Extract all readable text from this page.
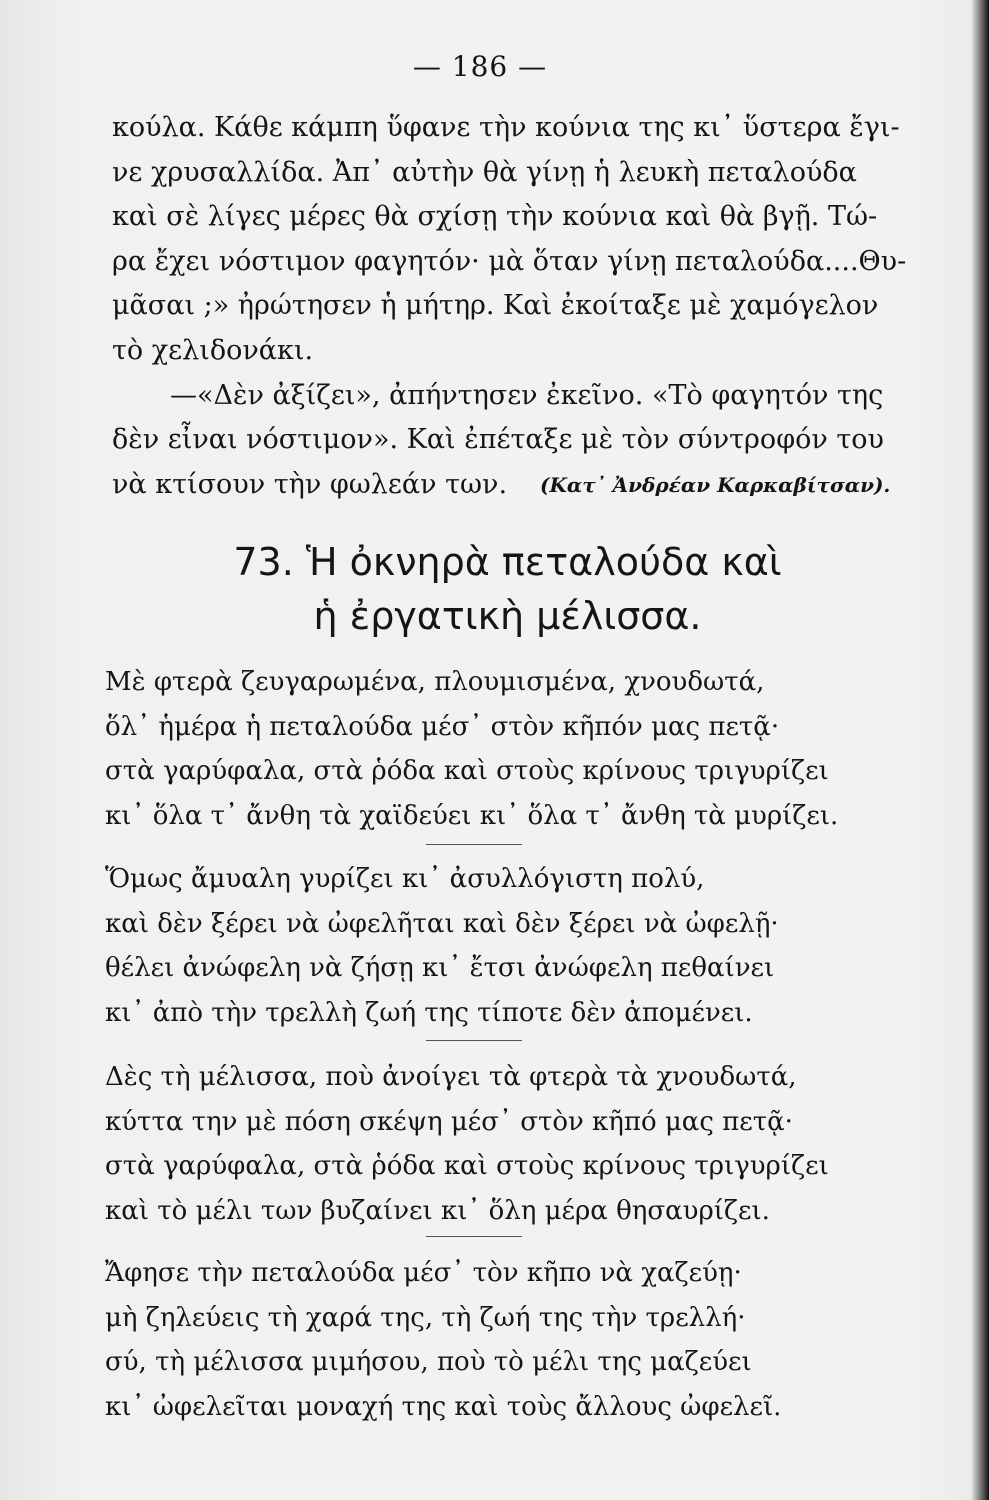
— 186 —
κούλα. Κάθε κάμπη ὕφανε τὴν κούνια της κι᾿ ὕστερα ἔγι-
νε χρυσαλλίδα. Ἀπ᾿ αὐτὴν θὰ γίνῃ ἡ λευκὴ πεταλούδα
καὶ σὲ λίγες μέρες θὰ σχίσῃ τὴν κούνια καὶ θὰ βγῇ. Τώ-
ρα ἔχει νόστιμον φαγητόν· μὰ ὅταν γίνῃ πεταλούδα....Θυ-
μᾶσαι ;» ἠρώτησεν ἡ μήτηρ. Καὶ ἐκοίταξε μὲ χαμόγελον
τὸ χελιδονάκι.
—«Δὲν ἀξίζει», ἀπήντησεν ἐκεῖνο. «Τὸ φαγητόν της
δὲν εἶναι νόστιμον». Καὶ ἐπέταξε μὲ τὸν σύντροφόν του
νὰ κτίσουν τὴν φωλεάν των.	(Κατ᾿ Ἀνδρέαν Καρκαβίτσαν).
73. Ἡ ὀκνηρὰ πεταλούδα καὶ
ἡ ἐργατικὴ μέλισσα.
Μὲ φτερὰ ζευγαρωμένα, πλουμισμένα, χνουδωτά,
ὅλ᾿ ἡμέρα ἡ πεταλούδα μέσ᾿ στὸν κῆπόν μας πετᾷ·
στὰ γαρύφαλα, στὰ ῥόδα καὶ στοὺς κρίνους τριγυρίζει
κι᾿ ὅλα τ᾿ ἄνθη τὰ χαϊδεύει κι᾿ ὅλα τ᾿ ἄνθη τὰ μυρίζει.
Ὅμως ἄμυαλη γυρίζει κι᾿ ἀσυλλόγιστη πολύ,
καὶ δὲν ξέρει νὰ ὠφελῆται καὶ δὲν ξέρει νὰ ὠφελῇ·
θέλει ἀνώφελη νὰ ζήσῃ κι᾿ ἔτσι ἀνώφελη πεθαίνει
κι᾿ ἀπὸ τὴν τρελλὴ ζωή της τίποτε δὲν ἀπομένει.
Δὲς τὴ μέλισσα, ποὺ ἀνοίγει τὰ φτερὰ τὰ χνουδωτά,
κύττα την μὲ πόση σκέψη μέσ᾿ στὸν κῆπό μας πετᾷ·
στὰ γαρύφαλα, στὰ ῥόδα καὶ στοὺς κρίνους τριγυρίζει
καὶ τὸ μέλι των βυζαίνει κι᾿ ὅλη μέρα θησαυρίζει.
Ἄφησε τὴν πεταλούδα μέσ᾿ τὸν κῆπο νὰ χαζεύῃ·
μὴ ζηλεύεις τὴ χαρά της, τὴ ζωή της τὴν τρελλή·
σύ, τὴ μέλισσα μιμήσου, ποὺ τὸ μέλι της μαζεύει
κι᾿ ὠφελεῖται μοναχή της καὶ τοὺς ἄλλους ὠφελεῖ.
